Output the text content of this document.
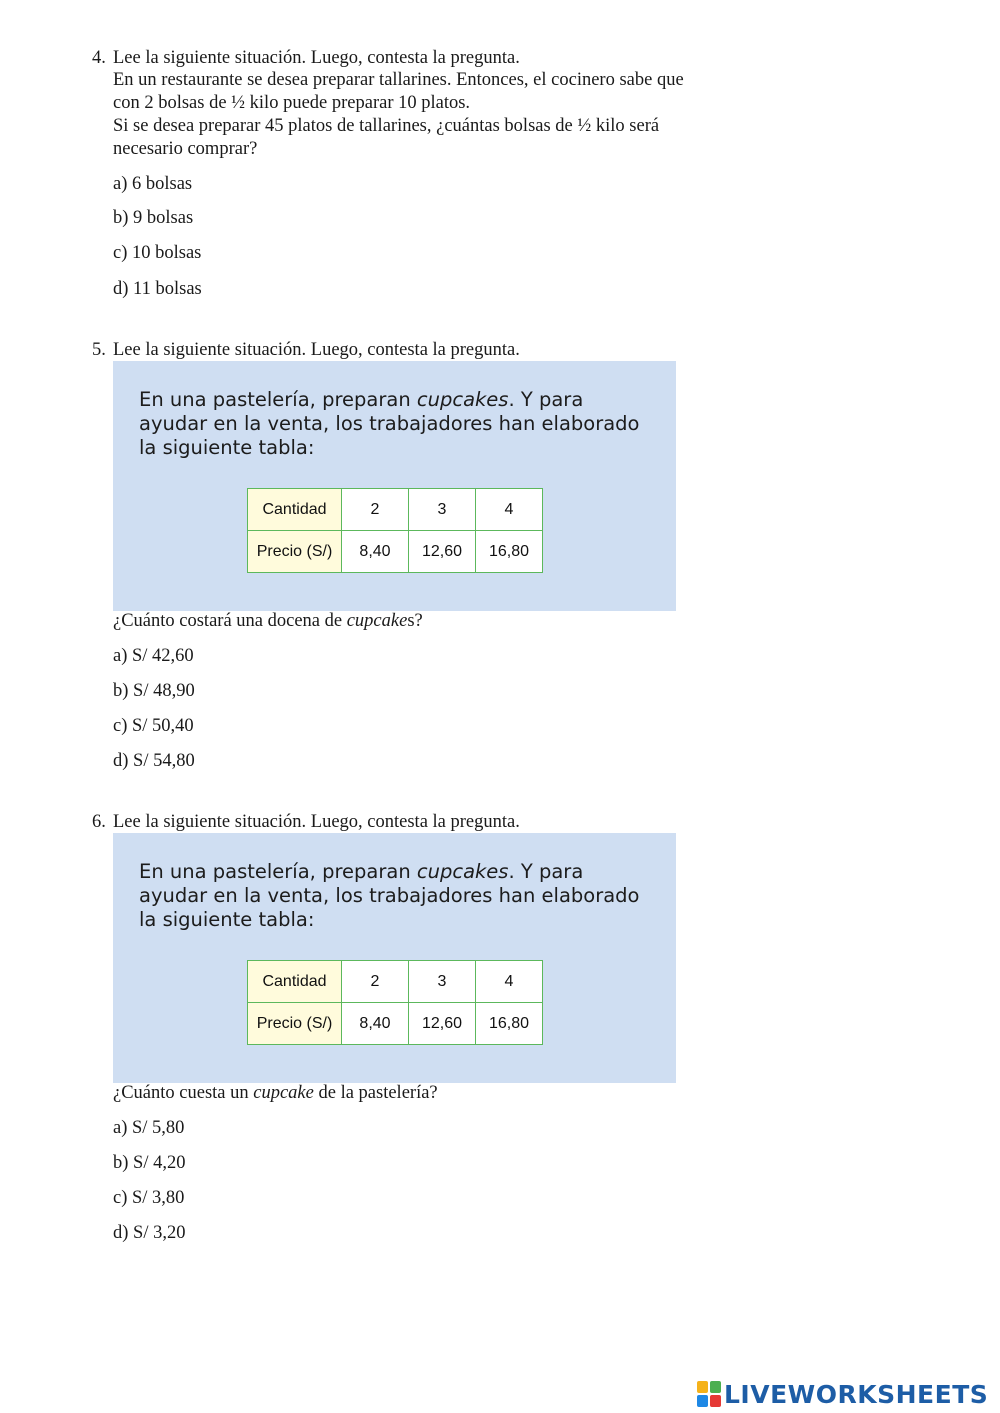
4. Lee la siguiente situación. Luego, contesta la pregunta.
En un restaurante se desea preparar tallarines. Entonces, el cocinero sabe que
con 2 bolsas de ½ kilo puede preparar 10 platos.
Si se desea preparar 45 platos de tallarines, ¿cuántas bolsas de ½ kilo será
necesario comprar?
a) 6 bolsas
b) 9 bolsas
c) 10 bolsas
d) 11 bolsas
5. Lee la siguiente situación. Luego, contesta la pregunta.
En una pastelería, preparan cupcakes. Y para
ayudar en la venta, los trabajadores han elaborado
la siguiente tabla:
Cantidad	2	3	4
Precio (S/)	8,40	12,60	16,80
¿Cuánto costará una docena de cupcakes?
a) S/ 42,60
b) S/ 48,90
c) S/ 50,40
d) S/ 54,80
6. Lee la siguiente situación. Luego, contesta la pregunta.
En una pastelería, preparan cupcakes. Y para
ayudar en la venta, los trabajadores han elaborado
la siguiente tabla:
Cantidad	2	3	4
Precio (S/)	8,40	12,60	16,80
¿Cuánto cuesta un cupcake de la pastelería?
a) S/ 5,80
b) S/ 4,20
c) S/ 3,80
d) S/ 3,20
LIVEWORKSHEETS
